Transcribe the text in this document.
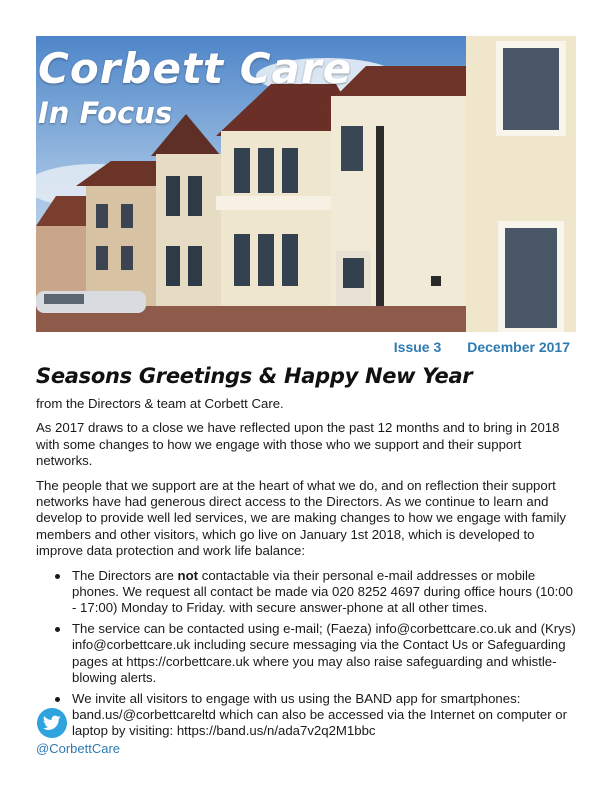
Corbett Care
In Focus
Issue 3 December 2017
Seasons Greetings & Happy New Year

from the Directors & team at Corbett Care.

As 2017 draws to a close we have reflected upon the past 12 months and to bring in 2018 with some changes to how we engage with those who we support and their support networks.

The people that we support are at the heart of what we do, and on reflection their support networks have had generous direct access to the Directors. As we continue to learn and develop to provide well led services, we are making changes to how we engage with family members and other visitors, which go live on January 1st 2018, which is developed to improve data protection and work life balance:

The Directors are not contactable via their personal e-mail addresses or mobile phones. We request all contact be made via 020 8252 4697 during office hours (10:00 - 17:00) Monday to Friday. with secure answer-phone at all other times.
The service can be contacted using e-mail; (Faeza) info@corbettcare.co.uk and (Krys) info@corbettcare.uk including secure messaging via the Contact Us or Safeguarding pages at https://corbettcare.uk where you may also raise safeguarding and whistle-blowing alerts.
We invite all visitors to engage with us using the BAND app for smartphones: band.us/@corbettcareltd which can also be accessed via the Internet on computer or laptop by visiting: https://band.us/n/ada7v2q2M1bbc
@CorbettCare
